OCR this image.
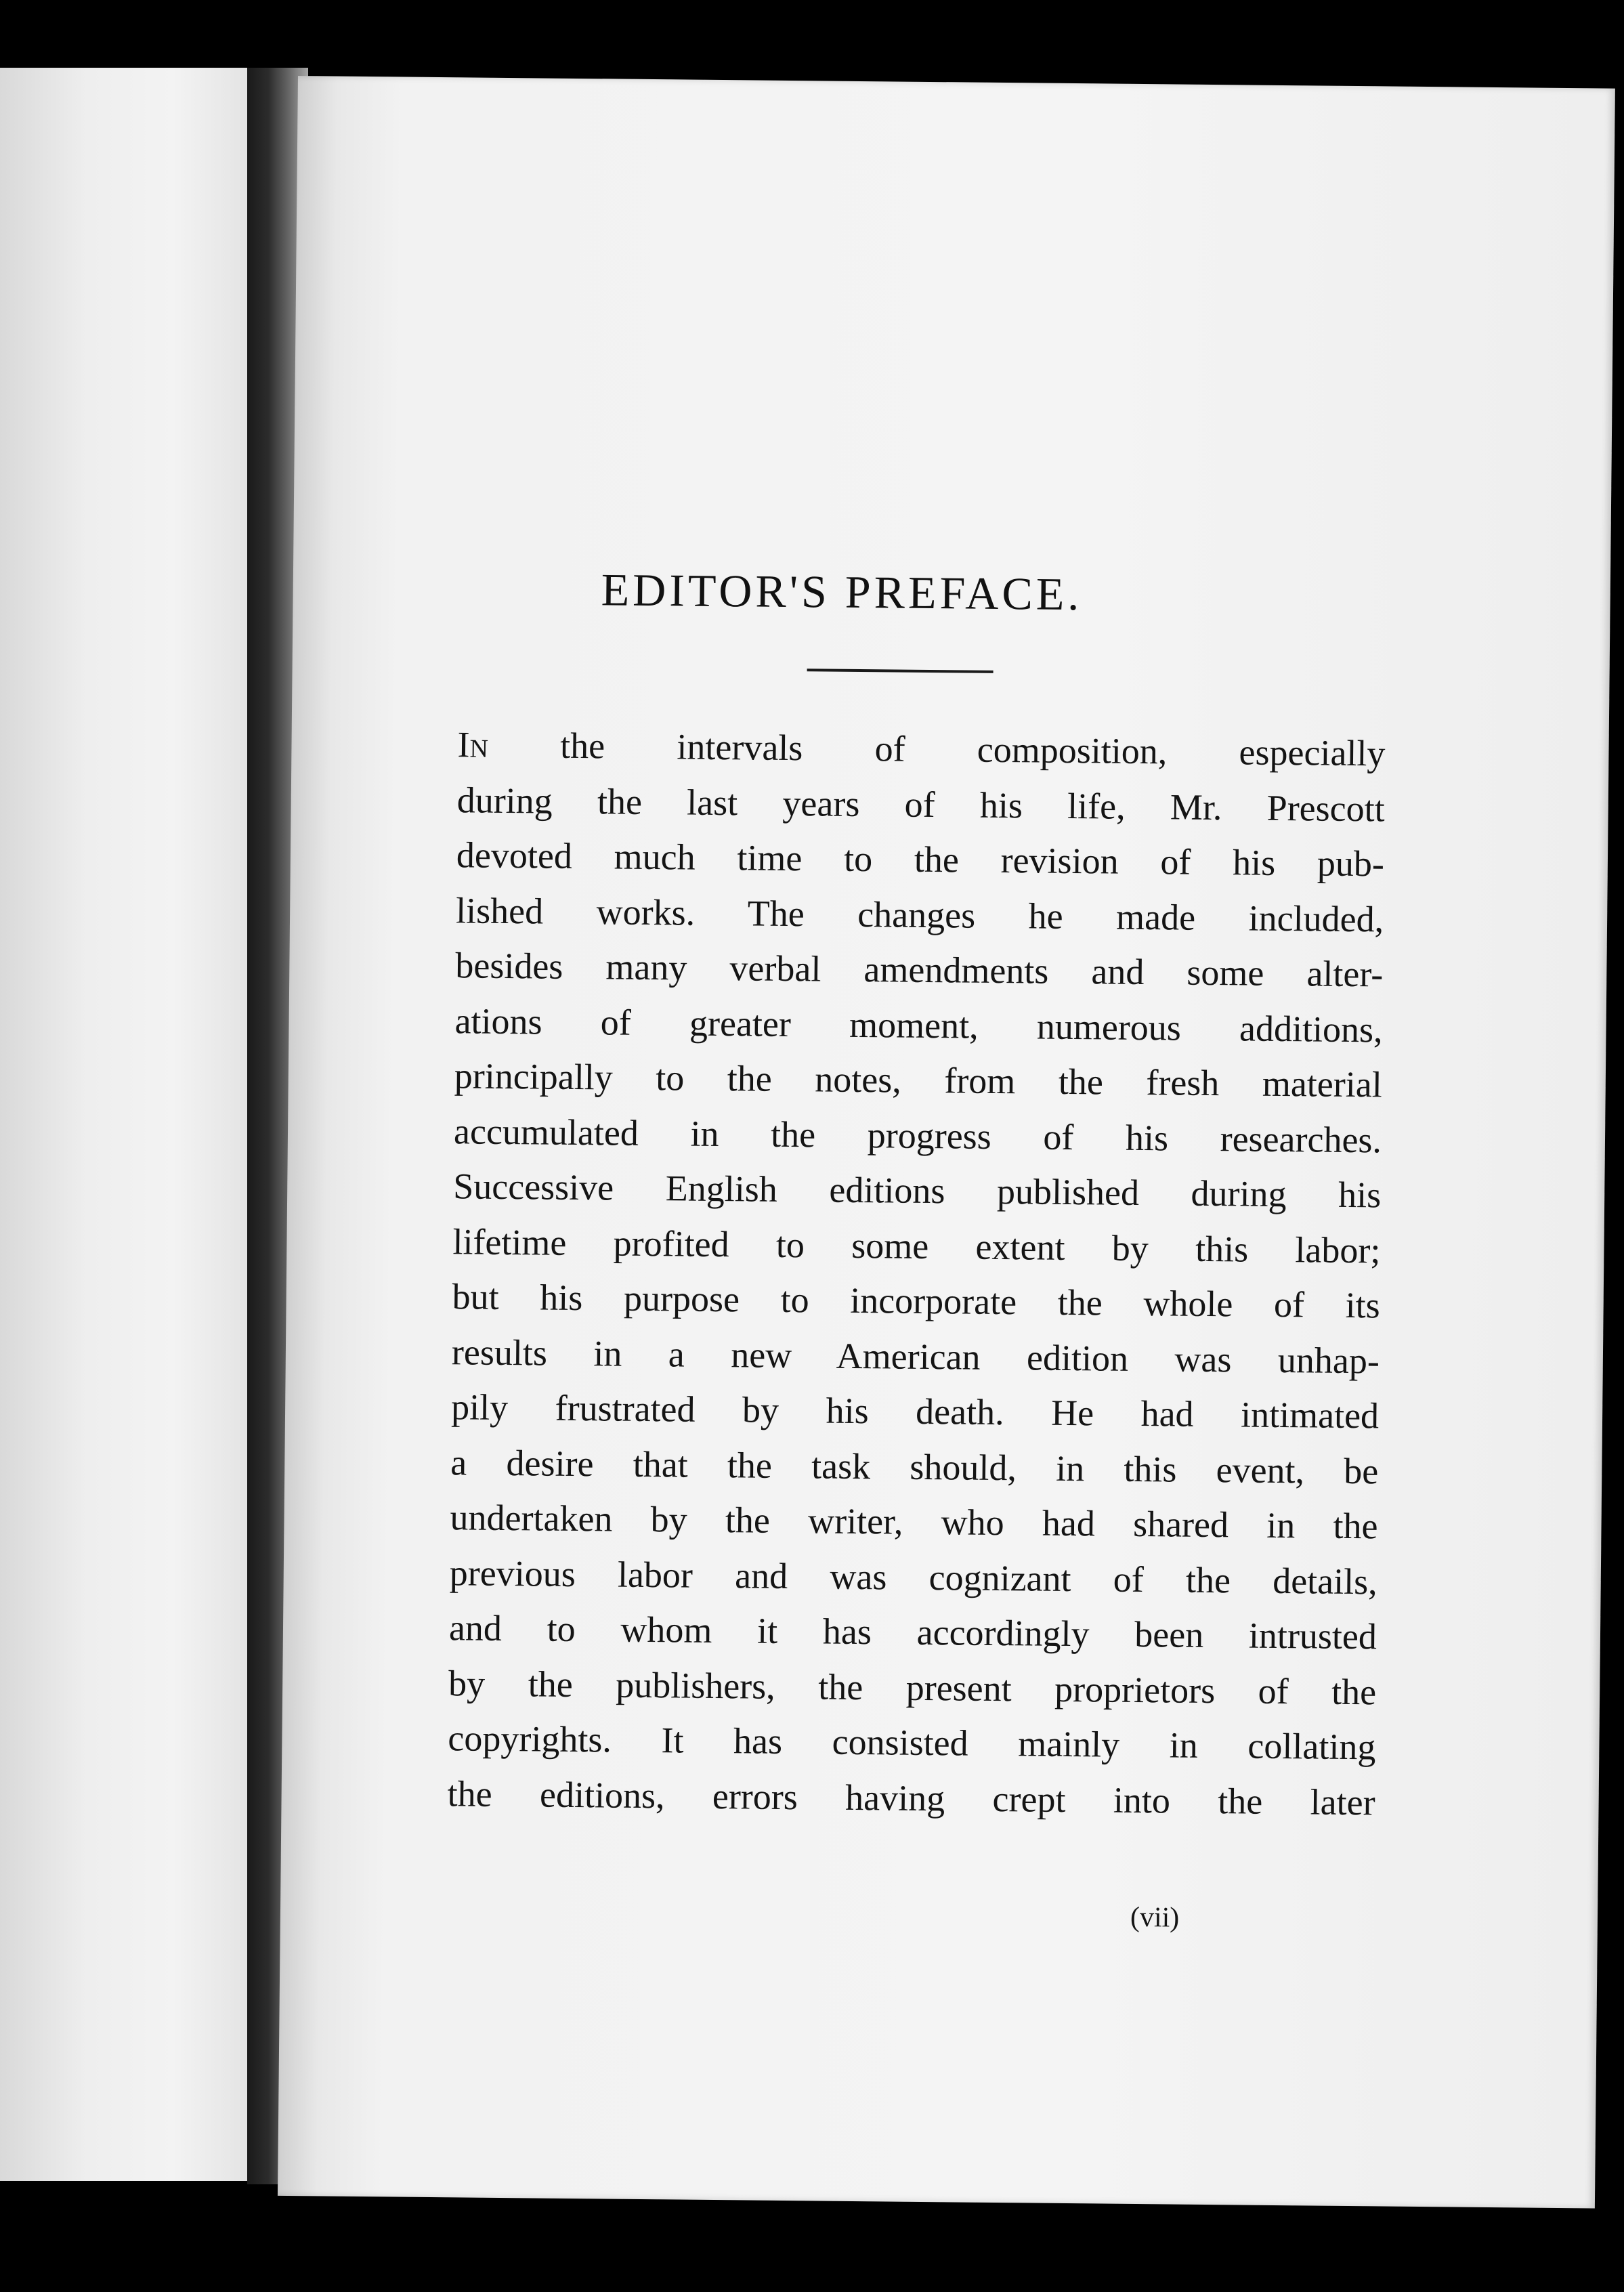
EDITOR'S PREFACE.
In the intervals of composition, especially
during the last years of his life, Mr. Prescott
devoted much time to the revision of his pub-
lished works. The changes he made included,
besides many verbal amendments and some alter-
ations of greater moment, numerous additions,
principally to the notes, from the fresh material
accumulated in the progress of his researches.
Successive English editions published during his
lifetime profited to some extent by this labor;
but his purpose to incorporate the whole of its
results in a new American edition was unhap-
pily frustrated by his death. He had intimated
a desire that the task should, in this event, be
undertaken by the writer, who had shared in the
previous labor and was cognizant of the details,
and to whom it has accordingly been intrusted
by the publishers, the present proprietors of the
copyrights. It has consisted mainly in collating
the editions, errors having crept into the later
(vii)
